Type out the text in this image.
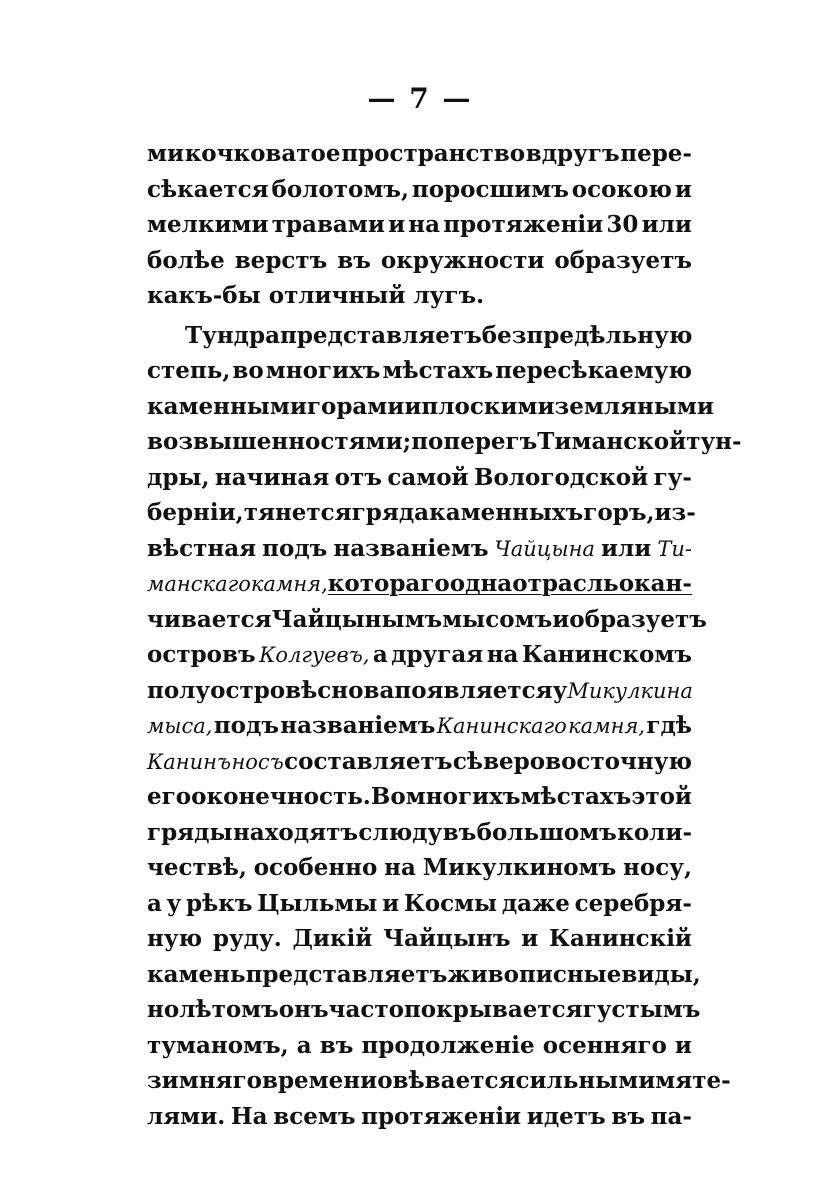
— 7 —
ми кочковатое пространство вдругъ пере-
сѣкается болотомъ, поросшимъ осокою и
мелкими травами и на протяженіи 30 или
болѣе верстъ въ окружности образуетъ
какъ-бы
отличный
лугъ.

Тундра представляетъ безпредѣльную
степь, во многихъ мѣстахъ пересѣкаемую
каменными горами и плоскими земляными
возвышенностями; поперегъ Тиманской тун-
дры, начиная отъ самой Вологодской гу-
берніи, тянется гряда каменныхъ горъ, из-
вѣстная подъ названіемъ Чайцына или Ти-
манскаго камня, котораго одна отрасль окан-
чивается Чайцынымъ мысомъ и образуетъ
островъ Колгуевъ, а другая на Канинскомъ
полуостровѣ снова появляется у Микулкина
мыса, подъ названіемъ Канинскаго камня, гдѣ
Канинъ носъ составляетъ сѣверовосточную
его оконечность. Во многихъ мѣстахъ этой
гряды находятъ слюду въ большомъ коли-
чествѣ, особенно на Микулкиномъ носу,
а у рѣкъ Цыльмы и Космы даже серебря-
ную руду. Дикій Чайцынъ и Канинскій
камень представляетъ живописные виды,
но лѣтомъ онъ часто покрывается густымъ
туманомъ, а въ продолженіе осенняго и
зимняго времени овѣвается сильными мяте-
лями. На всемъ протяженіи идетъ въ па-
